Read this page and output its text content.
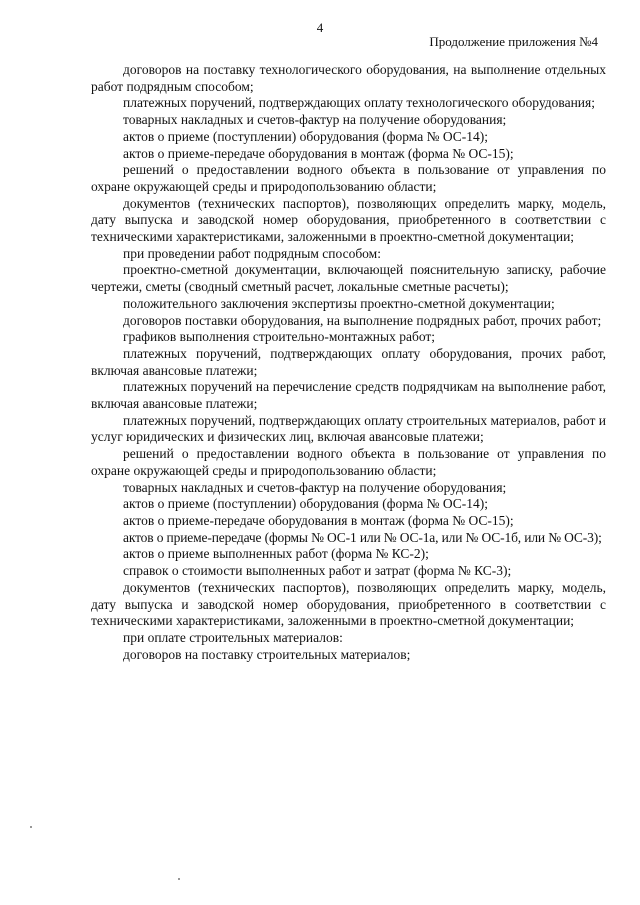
4
Продолжение приложения №4

договоров на поставку технологического оборудования, на выполнение отдельных работ подрядным способом;

платежных поручений, подтверждающих оплату технологического оборудования;

товарных накладных и счетов-фактур на получение оборудования;

актов о приеме (поступлении) оборудования (форма № ОС-14);

актов о приеме-передаче оборудования в монтаж (форма № ОС-15);

решений о предоставлении водного объекта в пользование от управления по охране окружающей среды и природопользованию области;

документов (технических паспортов), позволяющих определить марку, модель, дату выпуска и заводской номер оборудования, приобретенного в соответствии с техническими характеристиками, заложенными в проектно-сметной документации;

при проведении работ подрядным способом:

проектно-сметной документации, включающей пояснительную записку, рабочие чертежи, сметы (сводный сметный расчет, локальные сметные расчеты);

положительного заключения экспертизы проектно-сметной документации;

договоров поставки оборудования, на выполнение подрядных работ, прочих работ;

графиков выполнения строительно-монтажных работ;

платежных поручений, подтверждающих оплату оборудования, прочих работ, включая авансовые платежи;

платежных поручений на перечисление средств подрядчикам на выполнение работ, включая авансовые платежи;

платежных поручений, подтверждающих оплату строительных материалов, работ и услуг юридических и физических лиц, включая авансовые платежи;

решений о предоставлении водного объекта в пользование от управления по охране окружающей среды и природопользованию области;

товарных накладных и счетов-фактур на получение оборудования;

актов о приеме (поступлении) оборудования (форма № ОС-14);

актов о приеме-передаче оборудования в монтаж (форма № ОС-15);

актов о приеме-передаче (формы № ОС-1 или № ОС-1а, или № ОС-1б, или № ОС-3);

актов о приеме выполненных работ (форма № КС-2);

справок о стоимости выполненных работ и затрат (форма № КС-3);

документов (технических паспортов), позволяющих определить марку, модель, дату выпуска и заводской номер оборудования, приобретенного в соответствии с техническими характеристиками, заложенными в проектно-сметной документации;

при оплате строительных материалов:

договоров на поставку строительных материалов;
